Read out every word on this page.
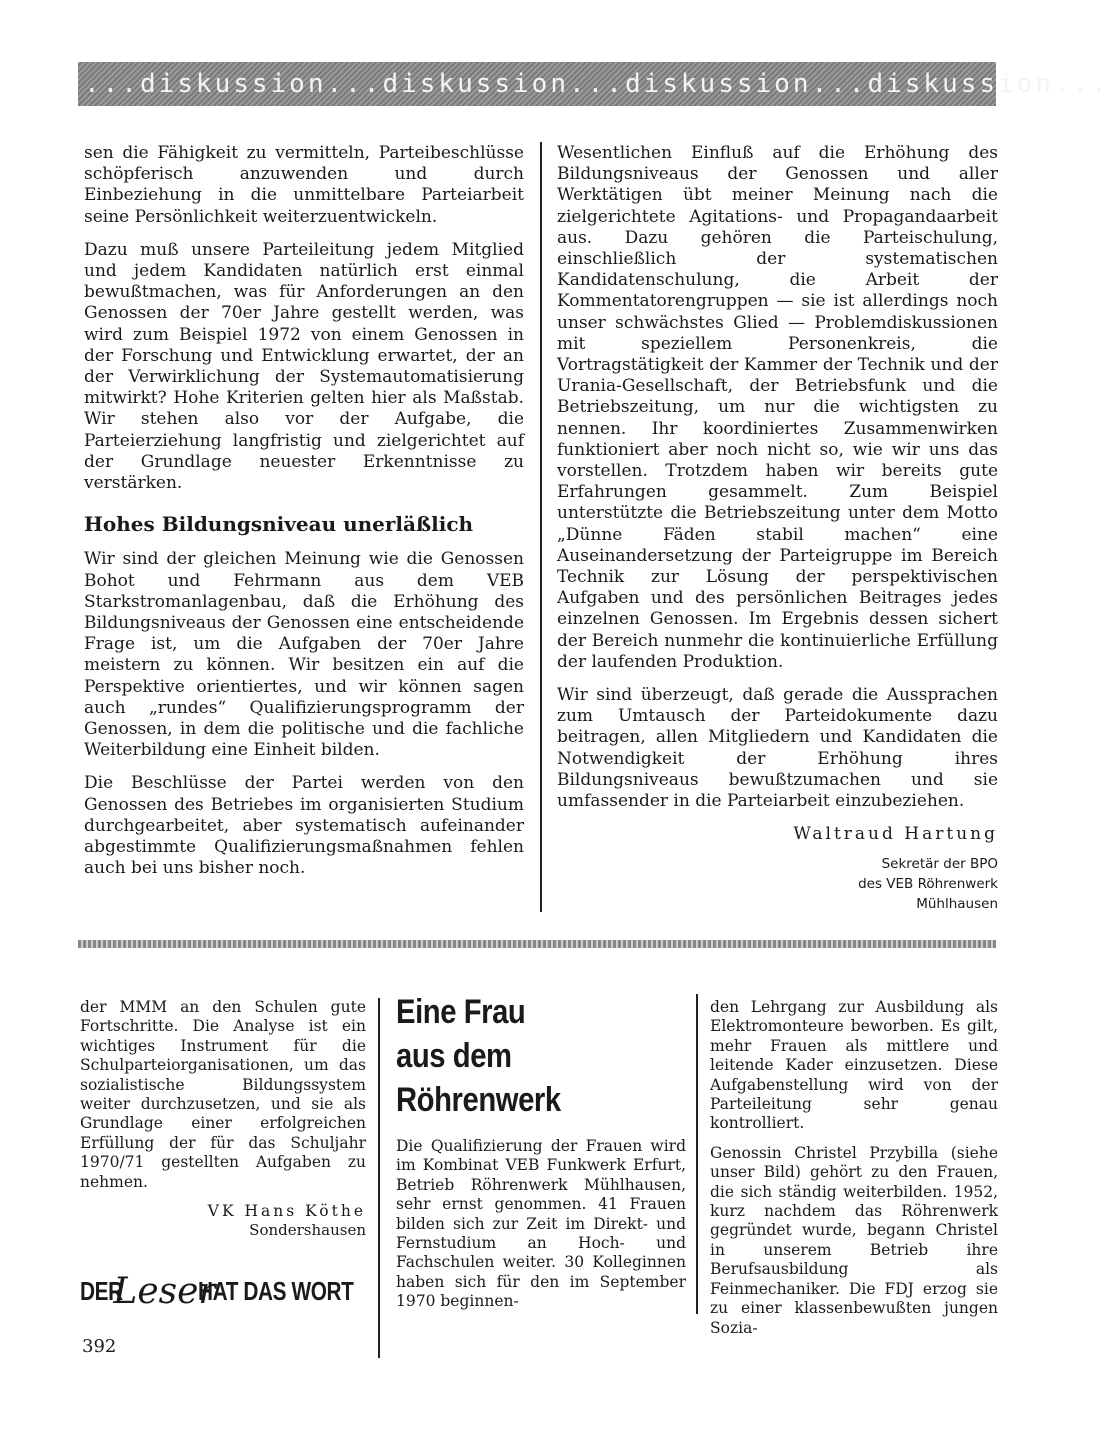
...diskussion...diskussion...diskussion...diskussion...

sen die Fähigkeit zu vermitteln, Parteibeschlüsse schöpferisch anzuwenden und durch Einbeziehung in die unmittelbare Parteiarbeit seine Persönlichkeit weiterzuentwickeln.

Dazu muß unsere Parteileitung jedem Mitglied und jedem Kandidaten natürlich erst einmal bewußtmachen, was für Anforderungen an den Genossen der 70er Jahre gestellt werden, was wird zum Beispiel 1972 von einem Genossen in der Forschung und Entwicklung erwartet, der an der Verwirklichung der Systemautomatisierung mitwirkt? Hohe Kriterien gelten hier als Maßstab. Wir stehen also vor der Aufgabe, die Parteierziehung langfristig und zielgerichtet auf der Grundlage neuester Erkenntnisse zu verstärken.

Hohes Bildungsniveau unerläßlich

Wir sind der gleichen Meinung wie die Genossen Bohot und Fehrmann aus dem VEB Starkstromanlagenbau, daß die Erhöhung des Bildungsniveaus der Genossen eine entscheidende Frage ist, um die Aufgaben der 70er Jahre meistern zu können. Wir besitzen ein auf die Perspektive orientiertes, und wir können sagen auch „rundes“ Qualifizierungsprogramm der Genossen, in dem die politische und die fachliche Weiterbildung eine Einheit bilden.

Die Beschlüsse der Partei werden von den Genossen des Betriebes im organisierten Studium durchgearbeitet, aber systematisch aufeinander abgestimmte Qualifizierungsmaßnahmen fehlen auch bei uns bisher noch.

Wesentlichen Einfluß auf die Erhöhung des Bildungsniveaus der Genossen und aller Werktätigen übt meiner Meinung nach die zielgerichtete Agitations- und Propagandaarbeit aus. Dazu gehören die Parteischulung, einschließlich der systematischen Kandidatenschulung, die Arbeit der Kommentatorengruppen — sie ist allerdings noch unser schwächstes Glied — Problemdiskussionen mit speziellem Personenkreis, die Vortragstätigkeit der Kammer der Technik und der Urania-Gesellschaft, der Betriebsfunk und die Betriebszeitung, um nur die wichtigsten zu nennen. Ihr koordiniertes Zusammenwirken funktioniert aber noch nicht so, wie wir uns das vorstellen. Trotzdem haben wir bereits gute Erfahrungen gesammelt. Zum Beispiel unterstützte die Betriebszeitung unter dem Motto „Dünne Fäden stabil machen“ eine Auseinandersetzung der Parteigruppe im Bereich Technik zur Lösung der perspektivischen Aufgaben und des persönlichen Beitrages jedes einzelnen Genossen. Im Ergebnis dessen sichert der Bereich nunmehr die kontinuierliche Erfüllung der laufenden Produktion.

Wir sind überzeugt, daß gerade die Aussprachen zum Umtausch der Parteidokumente dazu beitragen, allen Mitgliedern und Kandidaten die Notwendigkeit der Erhöhung ihres Bildungsniveaus bewußtzumachen und sie umfassender in die Parteiarbeit einzubeziehen.

Waltraud Hartung
Sekretär der BPO
des VEB Röhrenwerk
Mühlhausen

der MMM an den Schulen gute Fortschritte. Die Analyse ist ein wichtiges Instrument für die Schulparteiorganisationen, um das sozialistische Bildungssystem weiter durchzusetzen, und sie als Grundlage einer erfolgreichen Erfüllung der für das Schuljahr 1970/71 gestellten Aufgaben zu nehmen.

VK Hans Köthe
Sondershausen
DER
Leser
HAT DAS WORT
Eine Frau
aus dem
Röhrenwerk

Die Qualifizierung der Frauen wird im Kombinat VEB Funkwerk Erfurt, Betrieb Röhrenwerk Mühlhausen, sehr ernst genommen. 41 Frauen bilden sich zur Zeit im Direkt- und Fernstudium an Hoch- und Fachschulen weiter. 30 Kolleginnen haben sich für den im September 1970 beginnen-

den Lehrgang zur Ausbildung als Elektromonteure beworben. Es gilt, mehr Frauen als mittlere und leitende Kader einzusetzen. Diese Aufgabenstellung wird von der Parteileitung sehr genau kontrolliert.

Genossin Christel Przybilla (siehe unser Bild) gehört zu den Frauen, die sich ständig weiterbilden. 1952, kurz nachdem das Röhrenwerk gegründet wurde, begann Christel in unserem Betrieb ihre Berufsausbildung als Feinmechaniker. Die FDJ erzog sie zu einer klassenbewußten jungen Sozia-

392
